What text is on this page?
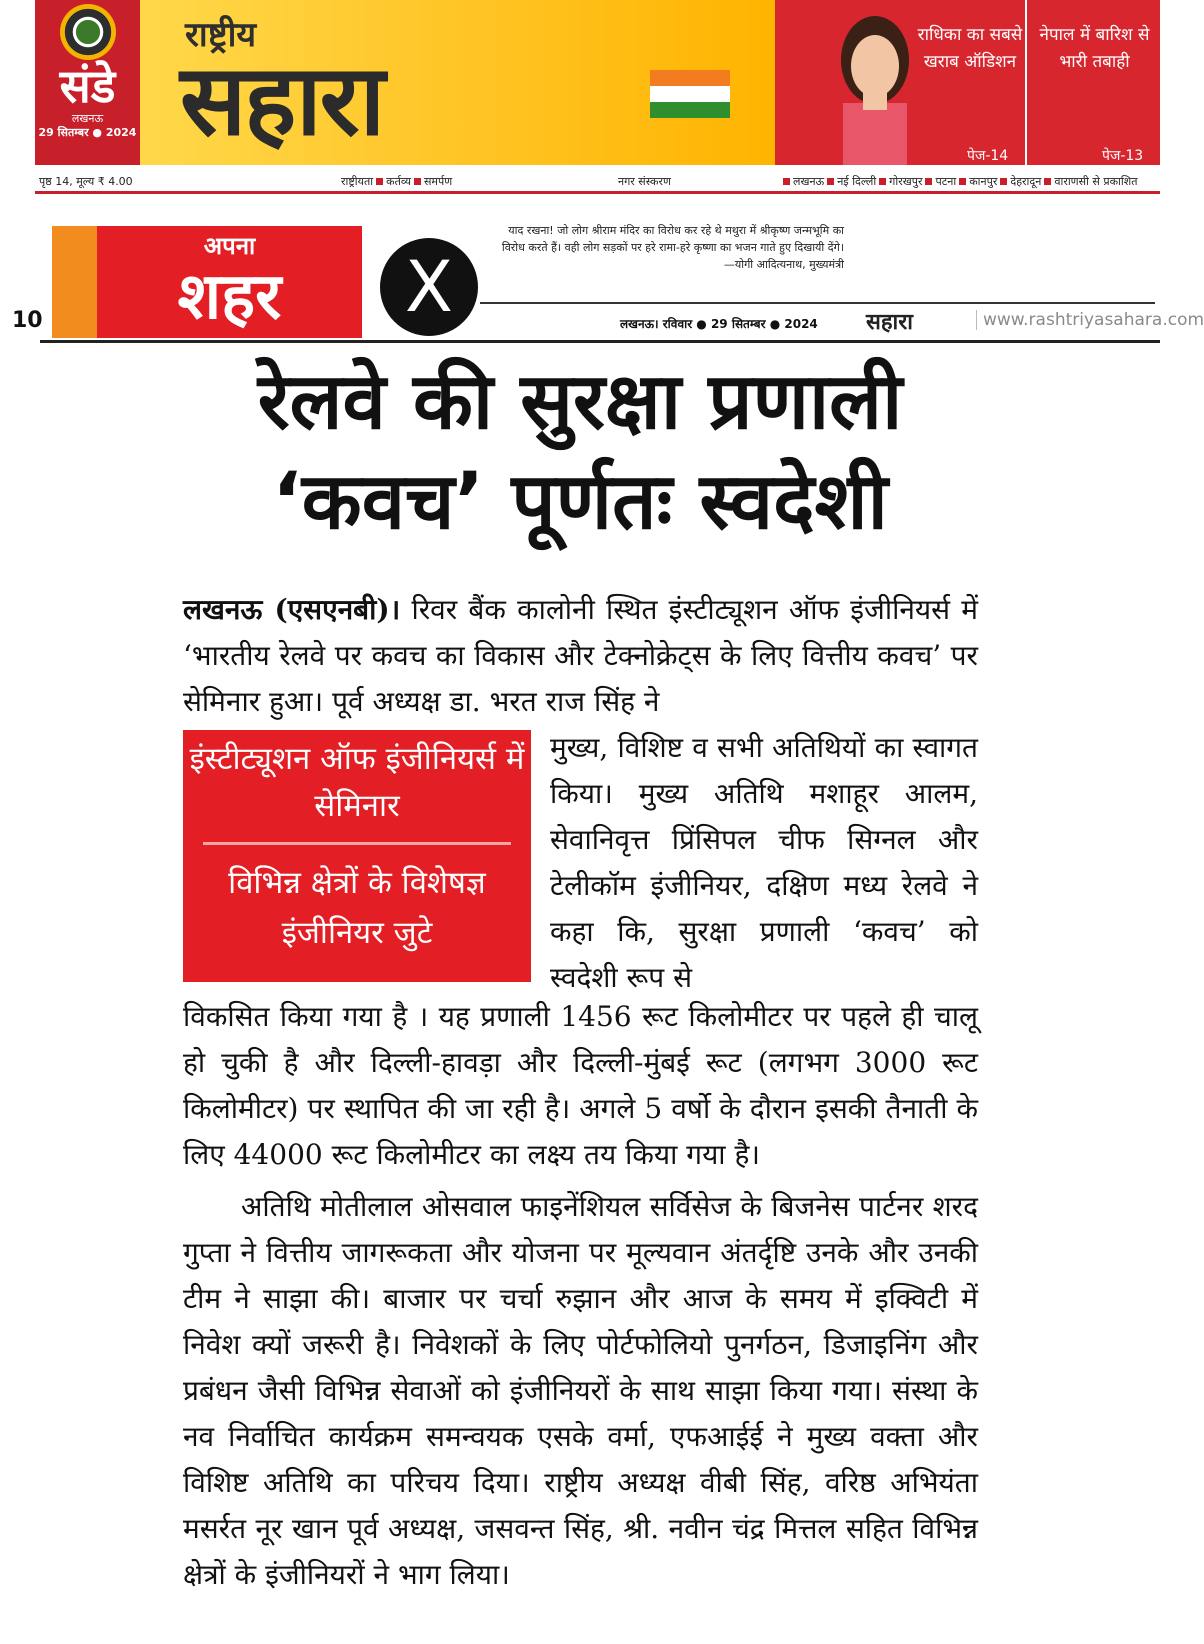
संडे
लखनऊ
29 सितम्बर ● 2024
राष्ट्रीय
सहारा
राधिका का सबसे खराब ऑडिशन
पेज-14
नेपाल में बारिश से भारी तबाही
पेज-13
पृष्ठ 14, मूल्य ₹ 4.00	राष्ट्रीयता कर्तव्य समर्पण	नगर संस्करण	लखनऊ नई दिल्ली गोरखपुर पटना कानपुर देहरादून वाराणसी से प्रकाशित
10
अपना
शहर	X
याद रखना! जो लोग श्रीराम मंदिर का विरोध कर रहे थे मथुरा में श्रीकृष्ण जन्मभूमि का विरोध करते हैं। वही लोग सड़कों पर हरे रामा-हरे कृष्णा का भजन गाते हुए दिखायी देंगे।
—योगी आदित्यनाथ, मुख्यमंत्री
लखनऊ। रविवार ● 29 सितम्बर ● 2024 सहारा	www.rashtriyasahara.com
रेलवे की सुरक्षा प्रणाली
‘कवच’ पूर्णतः स्वदेशी
लखनऊ (एसएनबी)। रिवर बैंक कालोनी स्थित इंस्टीट्यूशन ऑफ इंजीनियर्स में ‘भारतीय रेलवे पर कवच का विकास और टेक्नोक्रेट्स के लिए वित्तीय कवच’ पर सेमिनार हुआ। पूर्व अध्यक्ष डा. भरत राज सिंह ने
इंस्टीट्यूशन ऑफ इंजीनियर्स में सेमिनार
विभिन्न क्षेत्रों के विशेषज्ञ इंजीनियर जुटे
मुख्य, विशिष्ट व सभी अतिथियों का स्वागत किया। मुख्य अतिथि मशाहूर आलम, सेवानिवृत्त प्रिंसिपल चीफ सिग्नल और टेलीकॉम इंजीनियर, दक्षिण मध्य रेलवे ने कहा कि, सुरक्षा प्रणाली ‘कवच’ को स्वदेशी रूप से
विकसित किया गया है । यह प्रणाली 1456 रूट किलोमीटर पर पहले ही चालू हो चुकी है और दिल्ली-हावड़ा और दिल्ली-मुंबई रूट (लगभग 3000 रूट किलोमीटर) पर स्थापित की जा रही है। अगले 5 वर्षो के दौरान इसकी तैनाती के लिए 44000 रूट किलोमीटर का लक्ष्य तय किया गया है।
अतिथि मोतीलाल ओसवाल फाइनेंशियल सर्विसेज के बिजनेस पार्टनर शरद गुप्ता ने वित्तीय जागरूकता और योजना पर मूल्यवान अंतर्दृष्टि उनके और उनकी टीम ने साझा की। बाजार पर चर्चा रुझान और आज के समय में इक्विटी में निवेश क्यों जरूरी है। निवेशकों के लिए पोर्टफोलियो पुनर्गठन, डिजाइनिंग और प्रबंधन जैसी विभिन्न सेवाओं को इंजीनियरों के साथ साझा किया गया। संस्था के नव निर्वाचित कार्यक्रम समन्वयक एसके वर्मा, एफआईई ने मुख्य वक्ता और विशिष्ट अतिथि का परिचय दिया। राष्ट्रीय अध्यक्ष वीबी सिंह, वरिष्ठ अभियंता मसर्रत नूर खान पूर्व अध्यक्ष, जसवन्त सिंह, श्री. नवीन चंद्र मित्तल सहित विभिन्न क्षेत्रों के इंजीनियरों ने भाग लिया।
